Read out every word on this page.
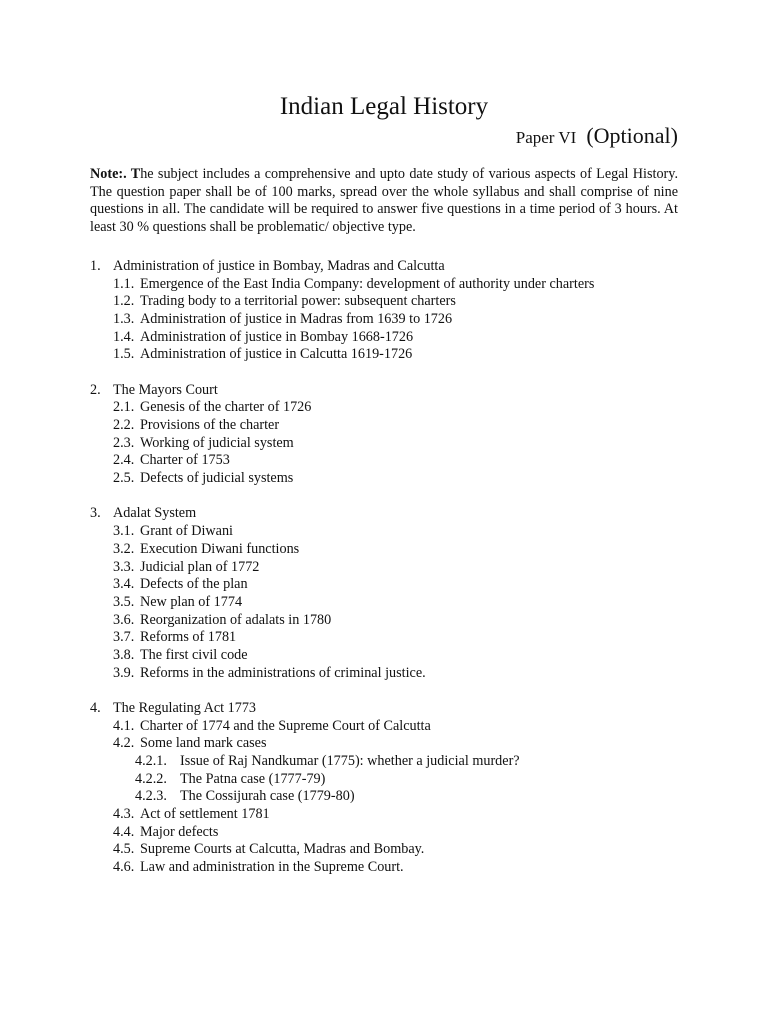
Indian Legal History
Paper VI (Optional)
Note:. The subject includes a comprehensive and upto date study of various aspects of Legal History. The question paper shall be of 100 marks, spread over the whole syllabus and shall comprise of nine questions in all. The candidate will be required to answer five questions in a time period of 3 hours. At least 30 % questions shall be problematic/ objective type.
1. Administration of justice in Bombay, Madras and Calcutta
1.1. Emergence of the East India Company: development of authority under charters
1.2. Trading body to a territorial power: subsequent charters
1.3. Administration of justice in Madras from 1639 to 1726
1.4. Administration of justice in Bombay 1668-1726
1.5. Administration of justice in Calcutta 1619-1726
2. The Mayors Court
2.1. Genesis of the charter of 1726
2.2. Provisions of the charter
2.3. Working of judicial system
2.4. Charter of 1753
2.5. Defects of judicial systems
3. Adalat System
3.1. Grant of Diwani
3.2. Execution Diwani functions
3.3. Judicial plan of 1772
3.4. Defects of the plan
3.5. New plan of 1774
3.6. Reorganization of adalats in 1780
3.7. Reforms of 1781
3.8. The first civil code
3.9. Reforms in the administrations of criminal justice.
4. The Regulating Act 1773
4.1. Charter of 1774 and the Supreme Court of Calcutta
4.2. Some land mark cases
4.2.1. Issue of Raj Nandkumar (1775): whether a judicial murder?
4.2.2. The Patna case (1777-79)
4.2.3. The Cossijurah case (1779-80)
4.3. Act of settlement 1781
4.4. Major defects
4.5. Supreme Courts at Calcutta, Madras and Bombay.
4.6. Law and administration in the Supreme Court.
